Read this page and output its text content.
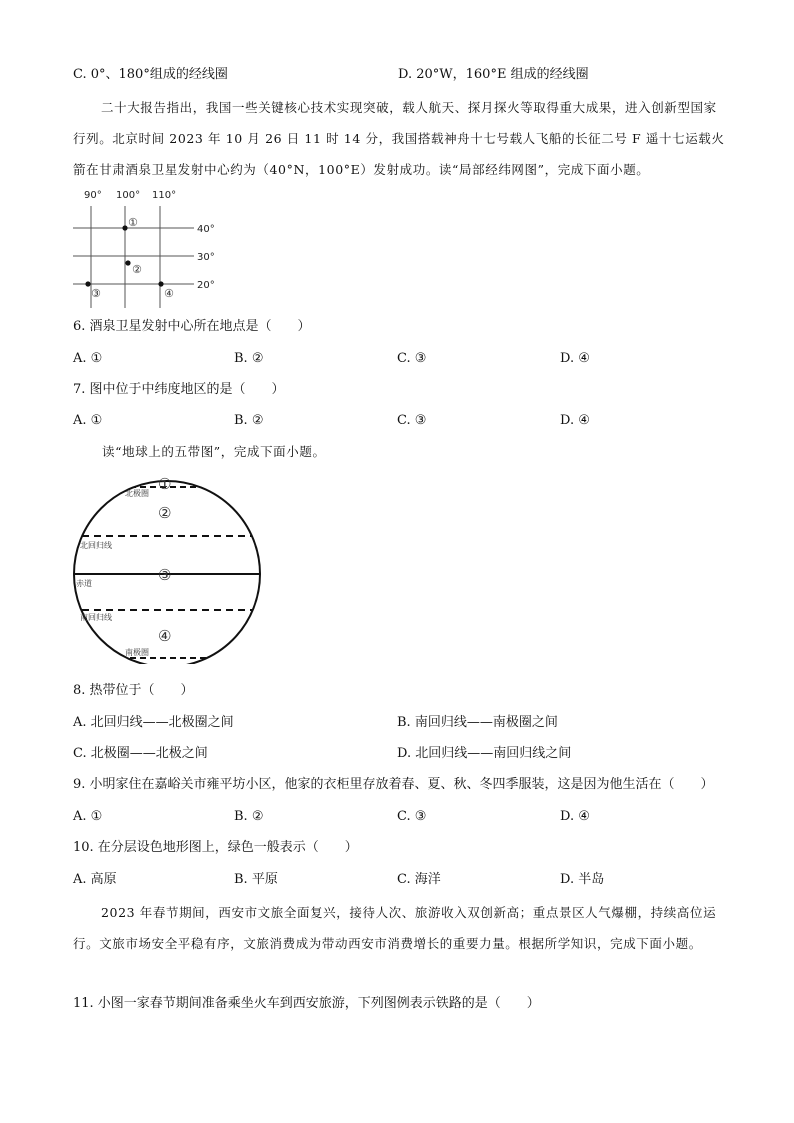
C. 0°、180°组成的经线圈	D. 20°W，160°E 组成的经线圈
二十大报告指出，我国一些关键核心技术实现突破，载人航天、探月探火等取得重大成果，进入创新型国家行列。北京时间 2023 年 10 月 26 日 11 时 14 分，我国搭载神舟十七号载人飞船的长征二号 F 遥十七运载火箭在甘肃酒泉卫星发射中心约为（40°N，100°E）发射成功。读“局部经纬网图”，完成下面小题。
90° 100° 110°
40°
30°
20°
①
②
③	④
6. 酒泉卫星发射中心所在地点是（　　）
A. ①	B. ②	C. ③	D. ④
7. 图中位于中纬度地区的是（　　）
A. ①	B. ②	C. ③	D. ④
读“地球上的五带图”，完成下面小题。
北极圈
北回归线
赤道
南回归线
南极圈
①
②
③
④
8. 热带位于（　　）
A. 北回归线——北极圈之间	B. 南回归线——南极圈之间
C. 北极圈——北极之间	D. 北回归线——南回归线之间
9. 小明家住在嘉峪关市雍平坊小区，他家的衣柜里存放着春、夏、秋、冬四季服装，这是因为他生活在（　　）
A. ①	B. ②	C. ③	D. ④
10. 在分层设色地形图上，绿色一般表示（　　）
A. 高原	B. 平原	C. 海洋	D. 半岛
2023 年春节期间，西安市文旅全面复兴，接待人次、旅游收入双创新高；重点景区人气爆棚，持续高位运行。文旅市场安全平稳有序，文旅消费成为带动西安市消费增长的重要力量。根据所学知识，完成下面小题。
11. 小图一家春节期间准备乘坐火车到西安旅游，下列图例表示铁路的是（　　）
